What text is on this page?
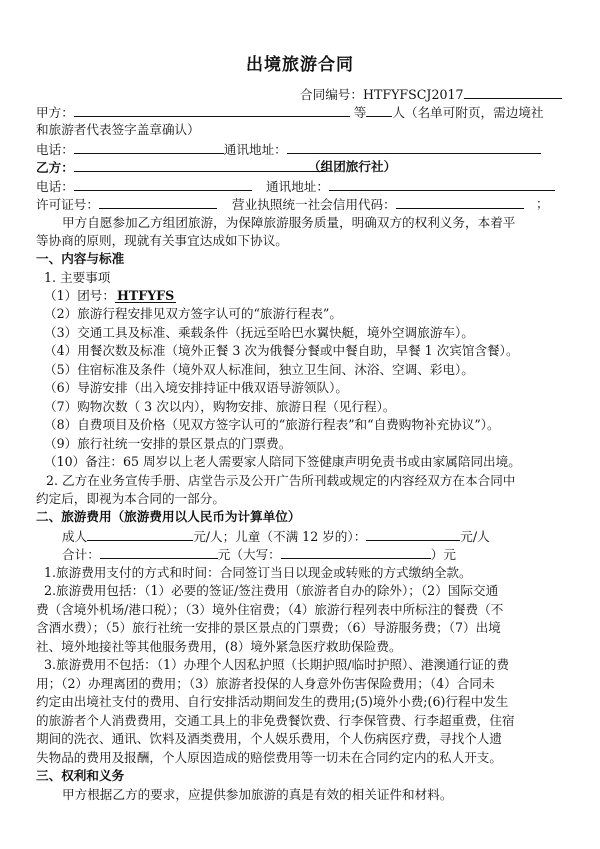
出境旅游合同
合同编号：HTFYFSCJ2017
甲方：	等 人（名单可附页，需边境社
和旅游者代表签字盖章确认）
电话：	通讯地址：
乙方：	（组团旅行社）
电话：	通讯地址：
许可证号：	营业执照统一社会信用代码：	；
甲方自愿参加乙方组团旅游，为保障旅游服务质量，明确双方的权利义务，本着平
等协商的原则，现就有关事宜达成如下协议。
一、内容与标准
1. 主要事项
（1）团号： HTFYFS
（2）旅游行程安排见双方签字认可的“旅游行程表”。
（3）交通工具及标准、乘载条件（抚远至哈巴水翼快艇，境外空调旅游车）。
（4）用餐次数及标准（境外正餐 3 次为俄餐分餐或中餐自助，早餐 1 次宾馆含餐）。
（5）住宿标准及条件（境外双人标准间，独立卫生间、沐浴、空调、彩电）。
（6）导游安排（出入境安排持证中俄双语导游领队）。
（7）购物次数（ 3 次以内），购物安排、旅游日程（见行程）。
（8）自费项目及价格（见双方签字认可的“旅游行程表”和“自费购物补充协议”）。
（9）旅行社统一安排的景区景点的门票费。
（10）备注：65 周岁以上老人需要家人陪同下签健康声明免责书或由家属陪同出境。
2. 乙方在业务宣传手册、店堂告示及公开广告所刊载或规定的内容经双方在本合同中
约定后，即视为本合同的一部分。
二、旅游费用（旅游费用以人民币为计算单位）
成人	元/人；儿童（不满 12 岁的）：	元/人
合计：	元（大写：	）元
1.旅游费用支付的方式和时间：合同签订当日以现金或转账的方式缴纳全款。
2.旅游费用包括：（1）必要的签证/签注费用（旅游者自办的除外）；（2）国际交通
费（含境外机场/港口税）；（3）境外住宿费；（4）旅游行程列表中所标注的餐费（不
含酒水费）；（5）旅行社统一安排的景区景点的门票费；（6）导游服务费；（7）出境
社、境外地接社等其他服务费用，(8）境外紧急医疗救助保险费。
3.旅游费用不包括：（1）办理个人因私护照（长期护照/临时护照）、港澳通行证的费
用；（2）办理离团的费用；（3）旅游者投保的人身意外伤害保险费用；（4）合同未
约定由出境社支付的费用、自行安排活动期间发生的费用;(5)境外小费;(6)行程中发生
的旅游者个人消费费用，交通工具上的非免费餐饮费、行李保管费、行李超重费，住宿
期间的洗衣、通讯、饮料及酒类费用，个人娱乐费用，个人伤病医疗费，寻找个人遗
失物品的费用及报酬，个人原因造成的赔偿费用等一切未在合同约定内的私人开支。
三、权利和义务
甲方根据乙方的要求，应提供参加旅游的真是有效的相关证件和材料。
